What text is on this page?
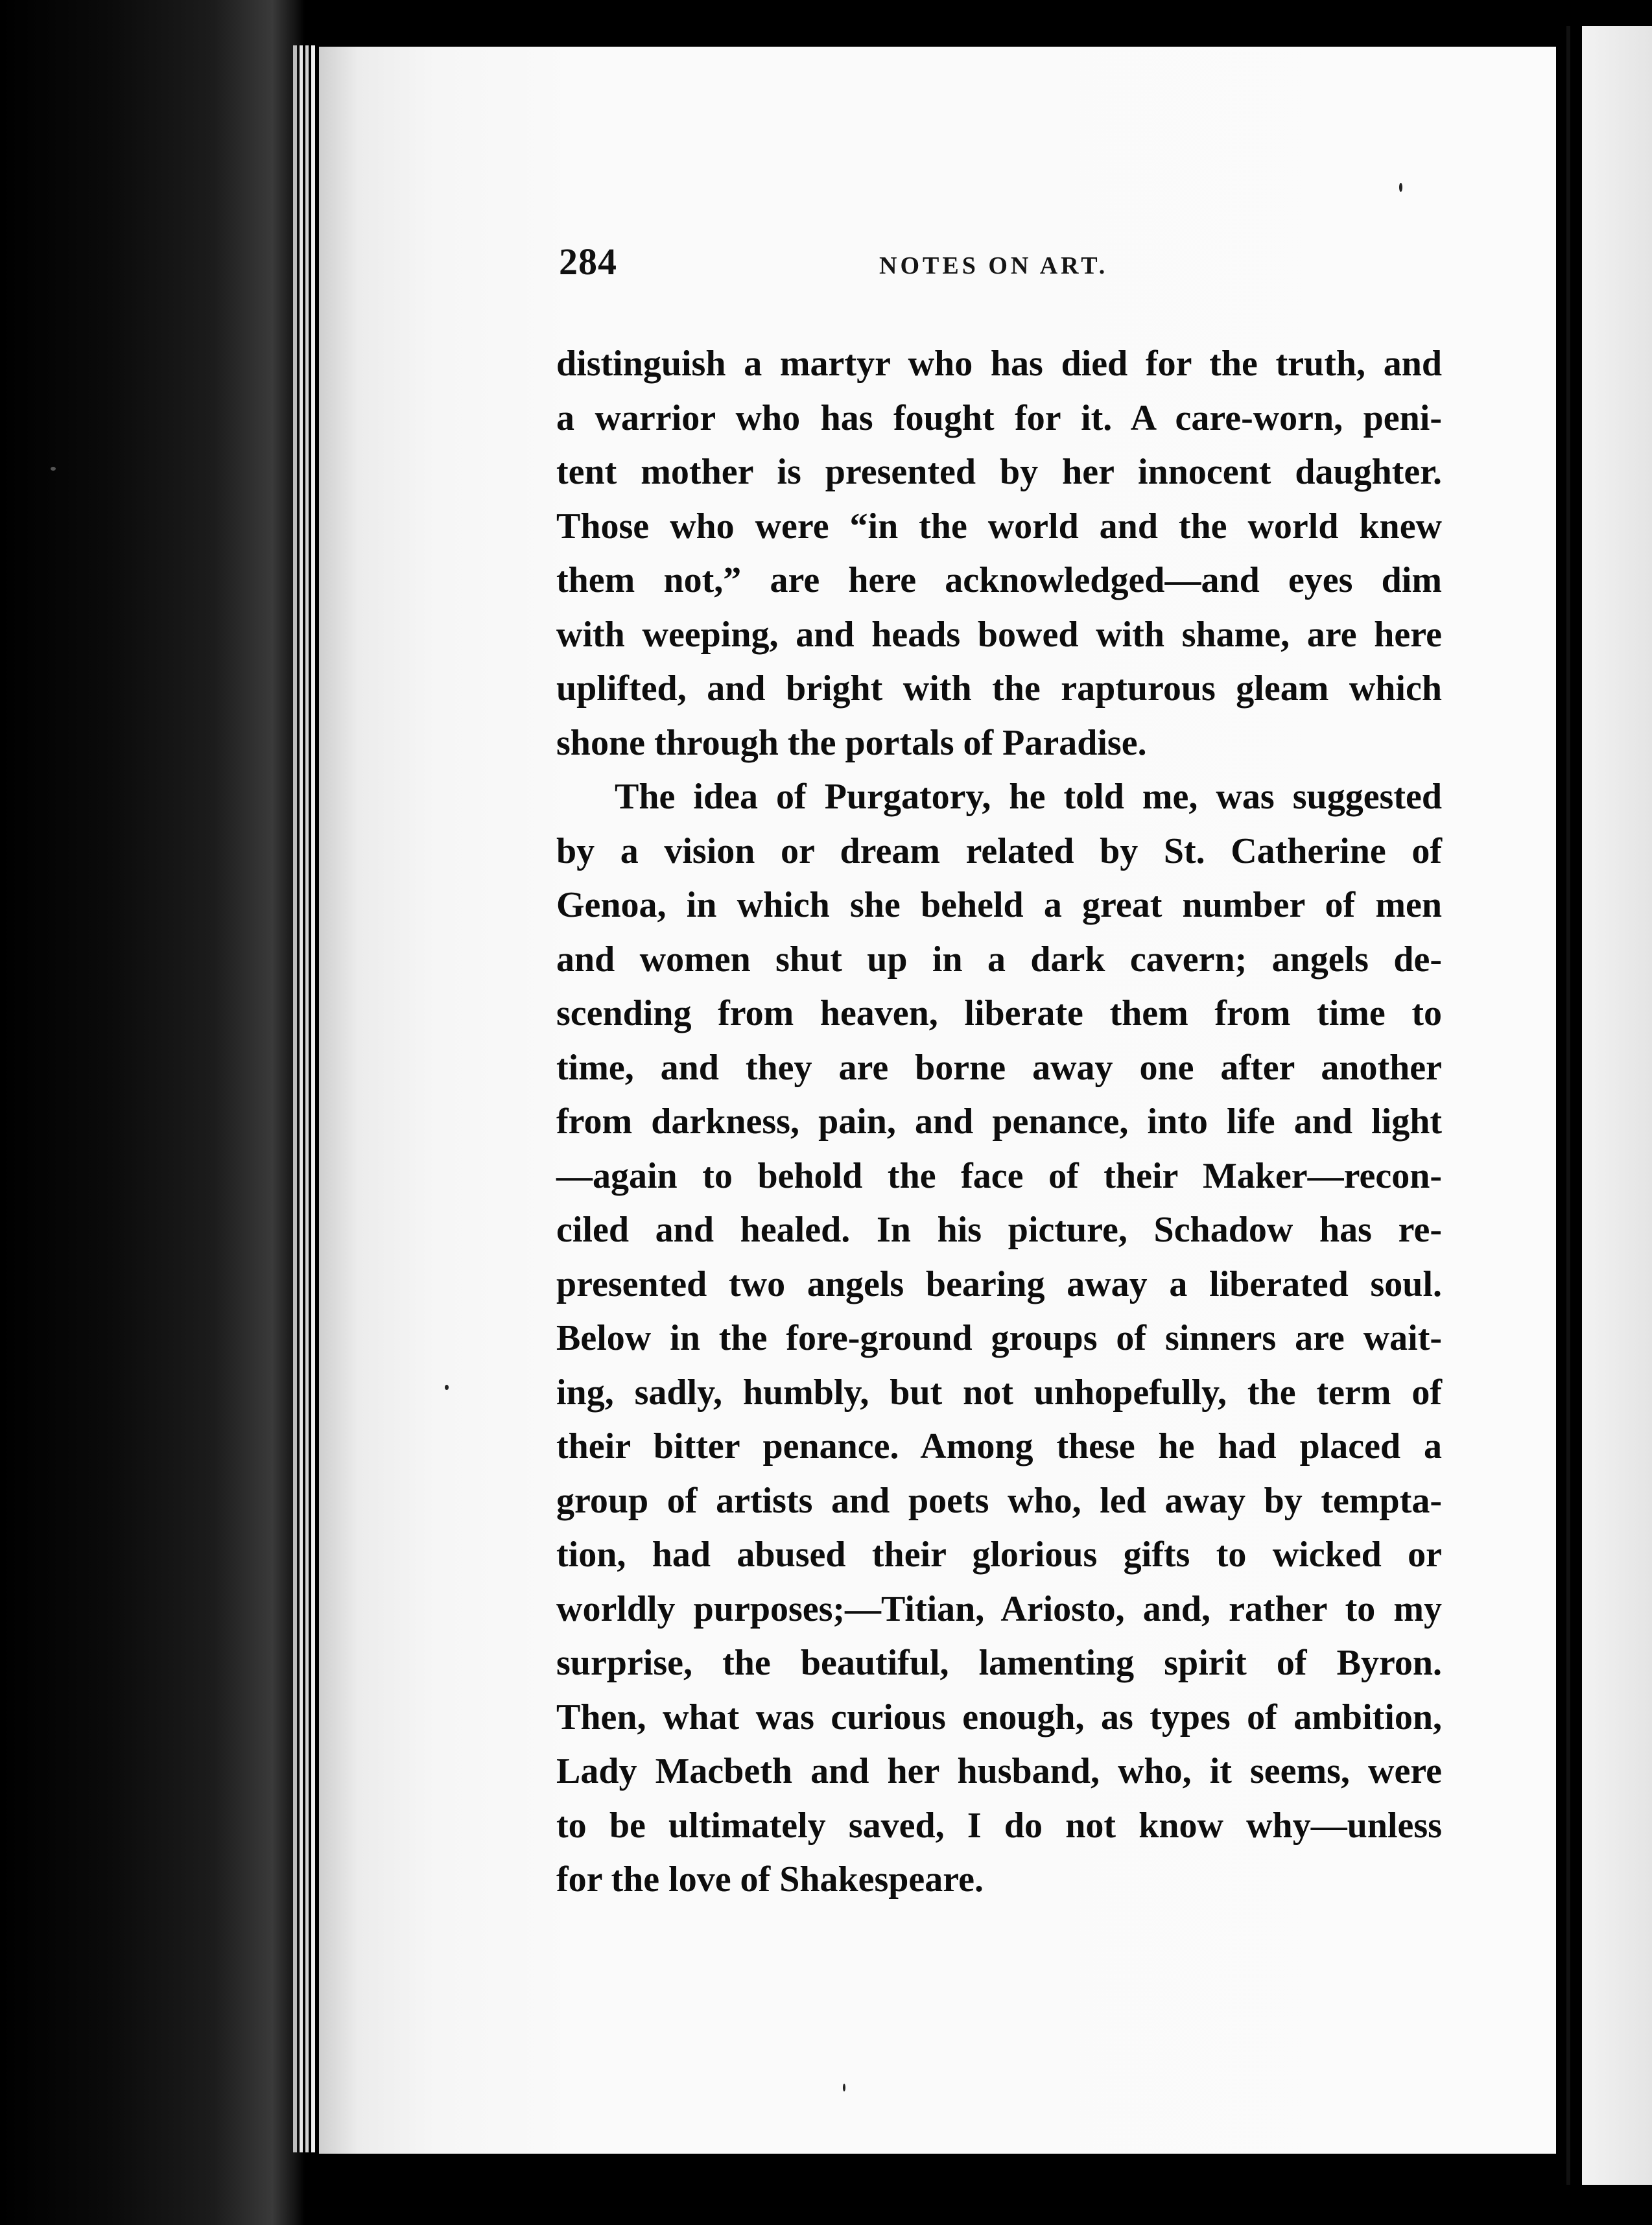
284	NOTES ON ART.
distinguish a martyr who has died for the truth, and
a warrior who has fought for it. A care-worn, peni-
tent mother is presented by her innocent daughter.
Those who were “in the world and the world knew
them not,” are here acknowledged—and eyes dim
with weeping, and heads bowed with shame, are here
uplifted, and bright with the rapturous gleam which
shone through the portals of Paradise.
The idea of Purgatory, he told me, was suggested
by a vision or dream related by St. Catherine of
Genoa, in which she beheld a great number of men
and women shut up in a dark cavern; angels de-
scending from heaven, liberate them from time to
time, and they are borne away one after another
from darkness, pain, and penance, into life and light
—again to behold the face of their Maker—recon-
ciled and healed. In his picture, Schadow has re-
presented two angels bearing away a liberated soul.
Below in the fore-ground groups of sinners are wait-
ing, sadly, humbly, but not unhopefully, the term of
their bitter penance. Among these he had placed a
group of artists and poets who, led away by tempta-
tion, had abused their glorious gifts to wicked or
worldly purposes;—Titian, Ariosto, and, rather to my
surprise, the beautiful, lamenting spirit of Byron.
Then, what was curious enough, as types of ambition,
Lady Macbeth and her husband, who, it seems, were
to be ultimately saved, I do not know why—unless
for the love of Shakespeare.
